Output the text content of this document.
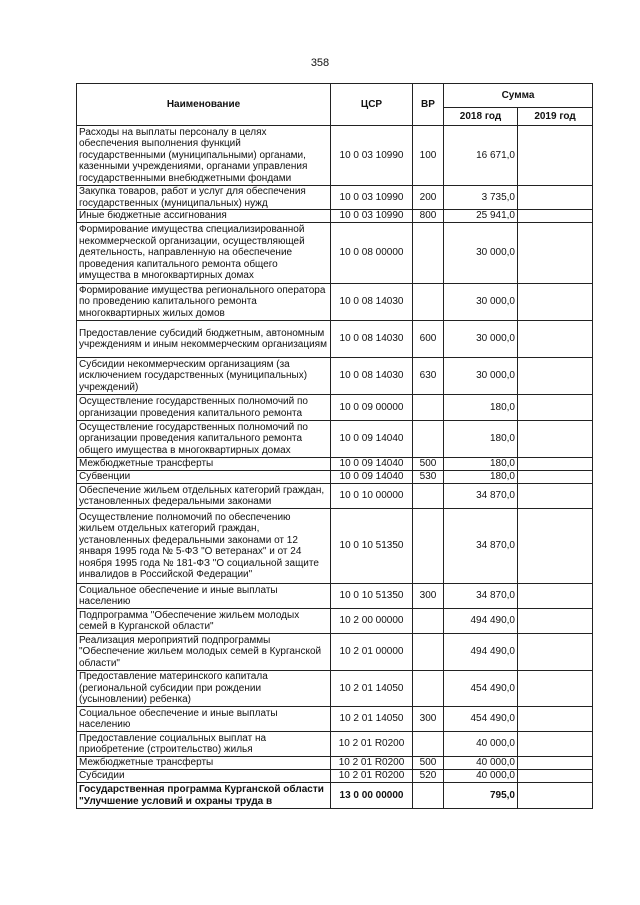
358
Наименование	ЦСР	ВР	Сумма	
			2018 год	2019 год
Расходы на выплаты персоналу в целях обеспечения выполнения функций государственными (муниципальными) органами, казенными учреждениями, органами управления государственными внебюджетными фондами	10 0 03 10990	100	16 671,0	
Закупка товаров, работ и услуг для обеспечения государственных (муниципальных) нужд	10 0 03 10990	200	3 735,0	
Иные бюджетные ассигнования	10 0 03 10990	800	25 941,0	
Формирование имущества специализированной некоммерческой организации, осуществляющей деятельность, направленную на обеспечение проведения капитального ремонта общего имущества в многоквартирных домах	10 0 08 00000		30 000,0	
Формирование имущества регионального оператора по проведению капитального ремонта многоквартирных жилых домов	10 0 08 14030		30 000,0	
Предоставление субсидий бюджетным, автономным учреждениям и иным некоммерческим организациям	10 0 08 14030	600	30 000,0	
Субсидии некоммерческим организациям (за исключением государственных (муниципальных) учреждений)	10 0 08 14030	630	30 000,0	
Осуществление государственных полномочий по организации проведения капитального ремонта	10 0 09 00000		180,0	
Осуществление государственных полномочий по организации проведения капитального ремонта общего имущества в многоквартирных домах	10 0 09 14040		180,0	
Межбюджетные трансферты	10 0 09 14040	500	180,0	
Субвенции	10 0 09 14040	530	180,0	
Обеспечение жильем отдельных категорий граждан, установленных федеральными законами	10 0 10 00000		34 870,0	
Осуществление полномочий по обеспечению жильем отдельных категорий граждан, установленных федеральными законами от 12 января 1995 года № 5-ФЗ "О ветеранах" и от 24 ноября 1995 года № 181-ФЗ "О социальной защите инвалидов в Российской Федерации"	10 0 10 51350		34 870,0	
Социальное обеспечение и иные выплаты населению	10 0 10 51350	300	34 870,0	
Подпрограмма "Обеспечение жильем молодых семей в Курганской области"	10 2 00 00000		494 490,0	
Реализация мероприятий подпрограммы "Обеспечение жильем молодых семей в Курганской области"	10 2 01 00000		494 490,0	
Предоставление материнского капитала (региональной субсидии при рождении (усыновлении) ребенка)	10 2 01 14050		454 490,0	
Социальное обеспечение и иные выплаты населению	10 2 01 14050	300	454 490,0	
Предоставление социальных выплат на приобретение (строительство) жилья	10 2 01 R0200		40 000,0	
Межбюджетные трансферты	10 2 01 R0200	500	40 000,0	
Субсидии	10 2 01 R0200	520	40 000,0	
Государственная программа Курганской области "Улучшение условий и охраны труда в	13 0 00 00000		795,0	
